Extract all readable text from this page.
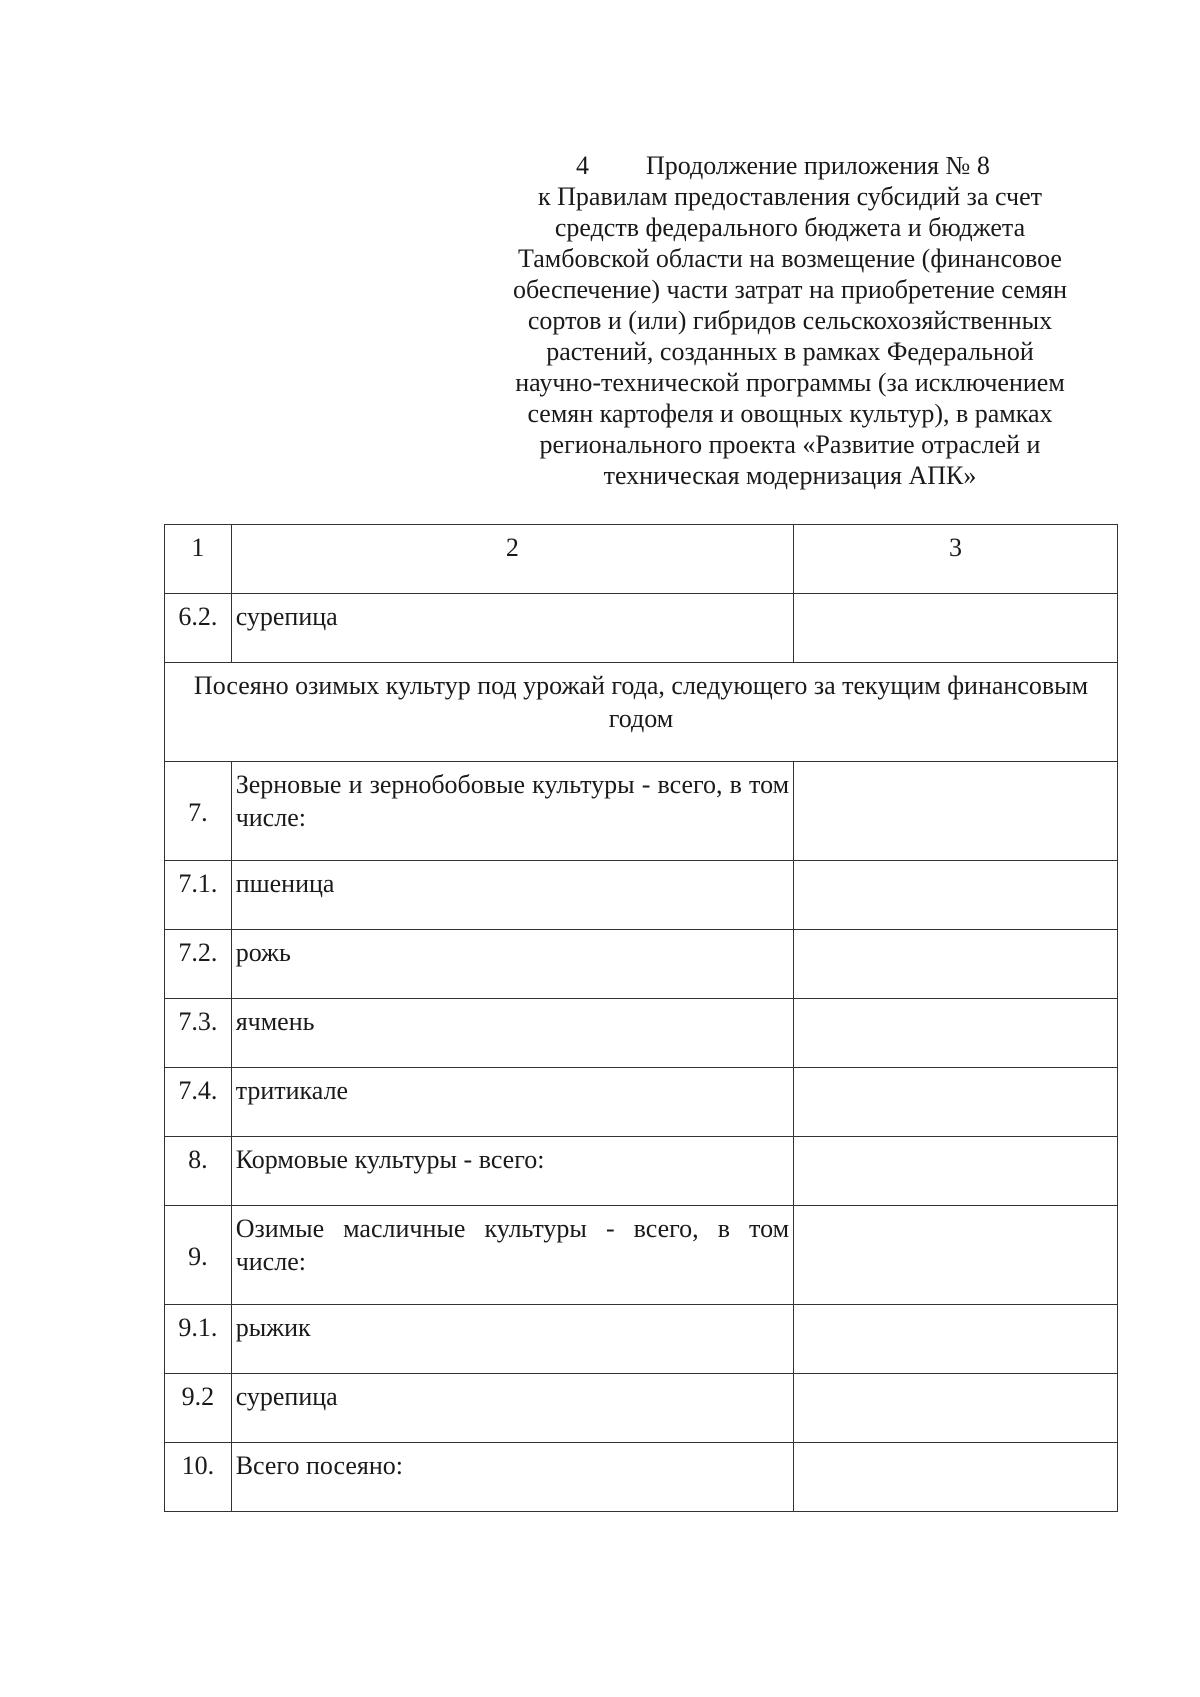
4 Продолжение приложения № 8
к Правилам предоставления субсидий за счет
средств федерального бюджета и бюджета
Тамбовской области на возмещение (финансовое
обеспечение) части затрат на приобретение семян
сортов и (или) гибридов сельскохозяйственных
растений, созданных в рамках Федеральной
научно-технической программы (за исключением
семян картофеля и овощных культур), в рамках
регионального проекта «Развитие отраслей и
техническая модернизация АПК»
1	2	3
6.2.	сурепица	
Посеяно озимых культур под урожай года, следующего за текущим финансовым годом		
7.	Зерновые и зернобобовые культуры - всего, в том числе:	
7.1.	пшеница	
7.2.	рожь	
7.3.	ячмень	
7.4.	тритикале	
8.	Кормовые культуры - всего:	
9.	Озимые масличные культуры - всего, в том числе:	
9.1.	рыжик	
9.2	сурепица	
10.	Всего посеяно:	
